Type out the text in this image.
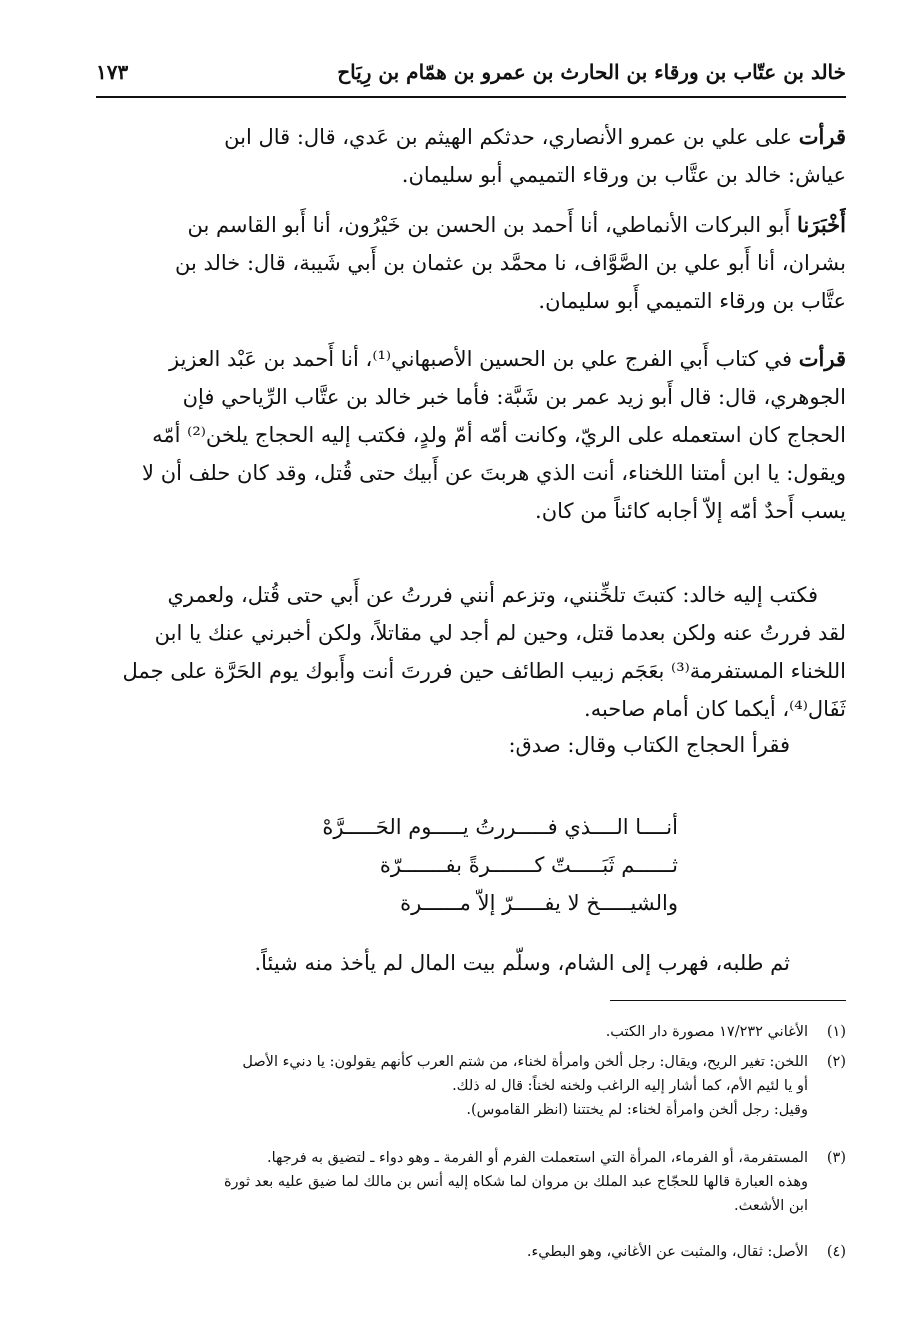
خالد بن عتّاب بن ورقاء بن الحارث بن عمرو بن همّام بن رِيَاح
١٧٣
قرأت على علي بن عمرو الأنصاري، حدثكم الهيثم بن عَدي، قال: قال ابن
عياش: خالد بن عتَّاب بن ورقاء التميمي أبو سليمان.
أَخْبَرَنا أَبو البركات الأنماطي، أنا أَحمد بن الحسن بن خَيْرُون، أنا أَبو القاسم بن
بشران، أنا أَبو علي بن الصَّوَّاف، نا محمَّد بن عثمان بن أَبي شَيبة، قال: خالد بن
عتَّاب بن ورقاء التميمي أَبو سليمان.
قرأت في كتاب أَبي الفرج علي بن الحسين الأصبهاني⁽¹⁾، أنا أَحمد بن عَبْد العزيز
الجوهري، قال: قال أَبو زيد عمر بن شَبَّة: فأما خبر خالد بن عتَّاب الرِّياحي فإن
الحجاج كان استعمله على الريّ، وكانت أمّه أمّ ولدٍ، فكتب إليه الحجاج يلخن⁽²⁾ أمّه
ويقول: يا ابن أمتنا اللخناء، أنت الذي هربتَ عن أَبيك حتى قُتل، وقد كان حلف أن لا
يسب أَحدٌ أمّه إلاّ أجابه كائناً من كان.
فكتب إليه خالد: كتبتَ تلخِّنني، وتزعم أنني فررتُ عن أَبي حتى قُتل، ولعمري
لقد فررتُ عنه ولكن بعدما قتل، وحين لم أجد لي مقاتلاً، ولكن أخبرني عنك يا ابن
اللخناء المستفرمة⁽³⁾ بعَجَم زبيب الطائف حين فررتَ أنت وأَبوك يوم الحَرَّة على جمل
ثَفَال⁽⁴⁾، أيكما كان أمام صاحبه.
فقرأ الحجاج الكتاب وقال: صدق:
أنــــا الــــذي فـــــررتُ يـــــوم الحَـــــرَّهْ
ثــــــم ثَبَـــــتّ كـــــــرةً بفـــــــرّة
والشيـــــخ لا يفـــــرّ إلاّ مــــــرة
ثم طلبه، فهرب إلى الشام، وسلّم بيت المال لم يأخذ منه شيئاً.
(١)
الأغاني ١٧/٢٣٢ مصورة دار الكتب.
(٢)
اللخن: تغير الريح، ويقال: رجل ألخن وامرأة لخناء، من شتم العرب كأنهم يقولون: يا دنيء الأصل
أو يا لئيم الأم، كما أشار إليه الراغب ولخنه لخناً: قال له ذلك.
وقيل: رجل ألخن وامرأة لخناء: لم يختتنا (انظر القاموس).
(٣)
المستفرمة، أو الفرماء، المرأة التي استعملت الفرم أو الفرمة ـ وهو دواء ـ لتضيق به فرجها.
وهذه العبارة قالها للحجّاج عبد الملك بن مروان لما شكاه إليه أنس بن مالك لما ضيق عليه بعد ثورة
ابن الأشعث.
(٤)
الأصل: ثقال، والمثبت عن الأغاني، وهو البطيء.
